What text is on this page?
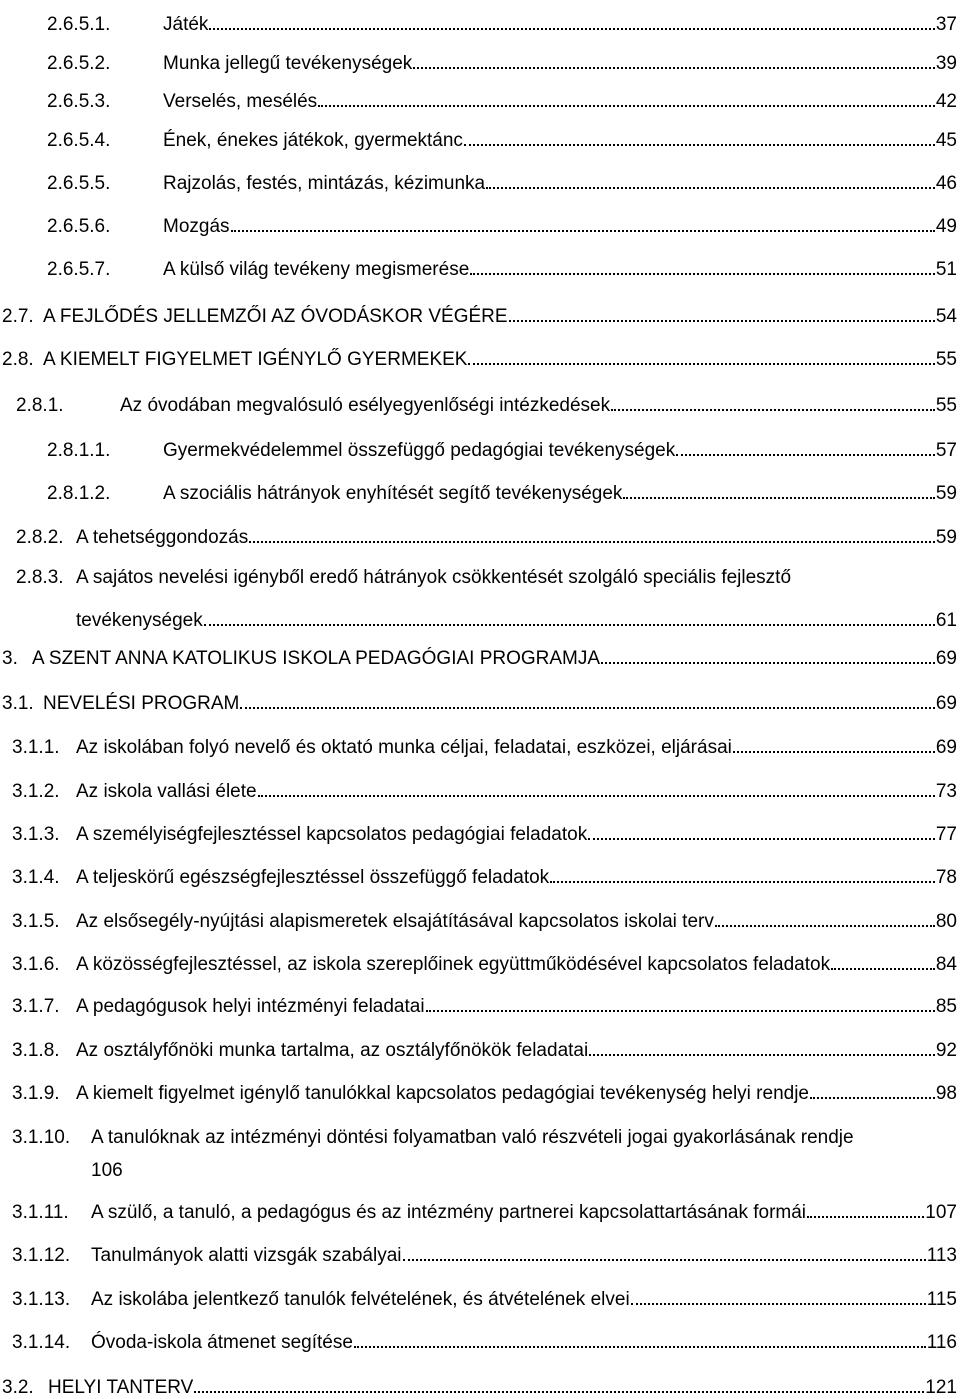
2.6.5.1.	Játék	37
2.6.5.2.	Munka jellegű tevékenységek	39
2.6.5.3.	Verselés, mesélés	42
2.6.5.4.	Ének, énekes játékok, gyermektánc	45
2.6.5.5.	Rajzolás, festés, mintázás, kézimunka	46
2.6.5.6.	Mozgás	49
2.6.5.7.	A külső világ tevékeny megismerése	51
2.7. A FEJLŐDÉS JELLEMZŐI AZ ÓVODÁSKOR VÉGÉRE	54
2.8. A KIEMELT FIGYELMET IGÉNYLŐ GYERMEKEK	55
2.8.1.	Az óvodában megvalósuló esélyegyenlőségi intézkedések	55
2.8.1.1.	Gyermekvédelemmel összefüggő pedagógiai tevékenységek	57
2.8.1.2.	A szociális hátrányok enyhítését segítő tevékenységek	59
2.8.2. A tehetséggondozás	59
2.8.3. A sajátos nevelési igényből eredő hátrányok csökkentését szolgáló speciális fejlesztő
tevékenységek	61
3. A SZENT ANNA KATOLIKUS ISKOLA PEDAGÓGIAI PROGRAMJA	69
3.1. NEVELÉSI PROGRAM	69
3.1.1. Az iskolában folyó nevelő és oktató munka céljai, feladatai, eszközei, eljárásai	69
3.1.2. Az iskola vallási élete	73
3.1.3. A személyiségfejlesztéssel kapcsolatos pedagógiai feladatok	77
3.1.4. A teljeskörű egészségfejlesztéssel összefüggő feladatok	78
3.1.5. Az elsősegély-nyújtási alapismeretek elsajátításával kapcsolatos iskolai terv	80
3.1.6. A közösségfejlesztéssel, az iskola szereplőinek együttműködésével kapcsolatos feladatok	84
3.1.7. A pedagógusok helyi intézményi feladatai	85
3.1.8. Az osztályfőnöki munka tartalma, az osztályfőnökök feladatai	92
3.1.9. A kiemelt figyelmet igénylő tanulókkal kapcsolatos pedagógiai tevékenység helyi rendje	98
3.1.10. A tanulóknak az intézményi döntési folyamatban való részvételi jogai gyakorlásának rendje
106
3.1.11. A szülő, a tanuló, a pedagógus és az intézmény partnerei kapcsolattartásának formái	107
3.1.12. Tanulmányok alatti vizsgák szabályai	113
3.1.13. Az iskolába jelentkező tanulók felvételének, és átvételének elvei	115
3.1.14. Óvoda-iskola átmenet segítése	116
3.2. HELYI TANTERV	121
